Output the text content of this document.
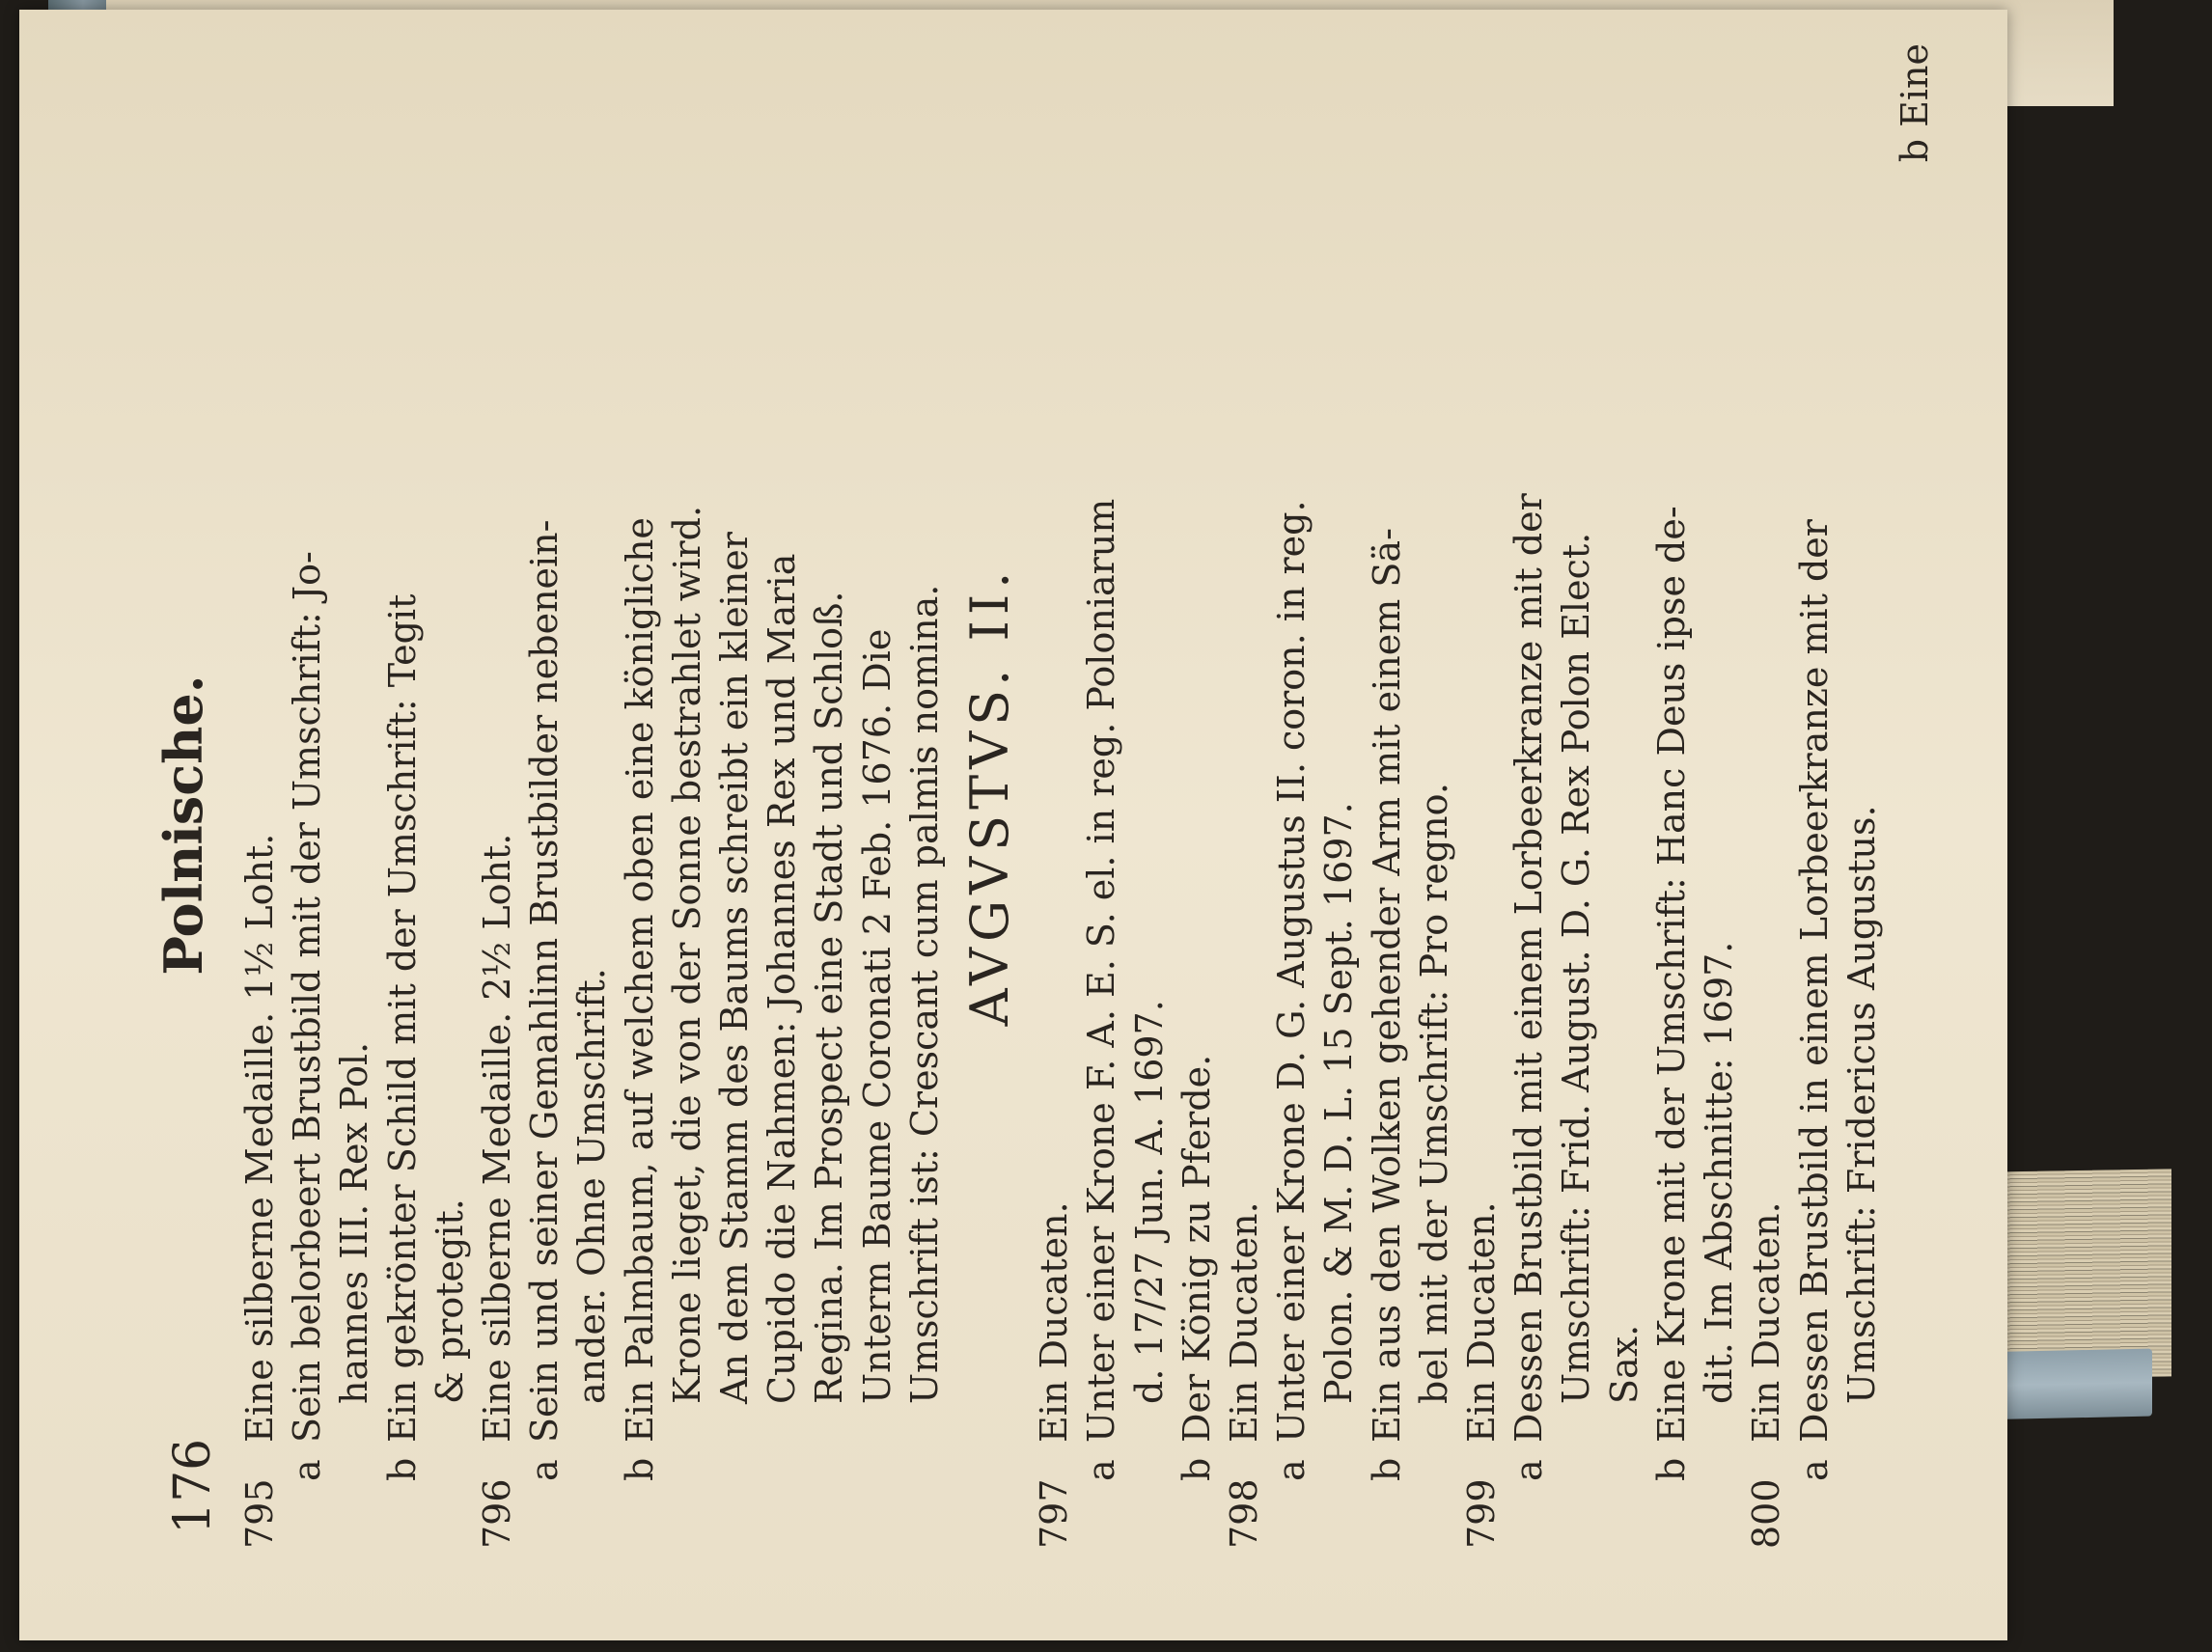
176
Polnische.
795
Eine silberne Medaille. 1½ Loht.
a
Sein belorbeert Brustbild mit der Umschrift: Jo- hannes III. Rex Pol.
b
Ein gekrönter Schild mit der Umschrift: Tegit & protegit.
796
Eine silberne Medaille. 2½ Loht.
a
Sein und seiner Gemahlinn Brustbilder nebenein- ander. Ohne Umschrift.
b
Ein Palmbaum, auf welchem oben eine königliche Krone lieget, die von der Sonne bestrahlet wird. An dem Stamm des Baums schreibt ein kleiner Cupido die Nahmen: Johannes Rex und Maria Regina. Im Prospect eine Stadt und Schloß. Unterm Baume Coronati 2 Feb. 1676. Die Umschrift ist: Crescant cum palmis nomina. AVGVSTVS. II.
797
Ein Ducaten.
a
Unter einer Krone F. A. E. S. el. in reg. Poloniarum d. 17/27 Jun. A. 1697.
b
Der König zu Pferde.
798
Ein Ducaten.
a
Unter einer Krone D. G. Augustus II. coron. in reg. Polon. & M. D. L. 15 Sept. 1697.
b
Ein aus den Wolken gehender Arm mit einem Sä- bel mit der Umschrift: Pro regno.
799
Ein Ducaten.
a
Dessen Brustbild mit einem Lorbeerkranze mit der Umschrift: Frid. August. D. G. Rex Polon Elect. Sax.
b
Eine Krone mit der Umschrift: Hanc Deus ipse de- dit. Im Abschnitte: 1697.
800
Ein Ducaten.
a
Dessen Brustbild in einem Lorbeerkranze mit der Umschrift: Fridericus Augustus.
b Eine
